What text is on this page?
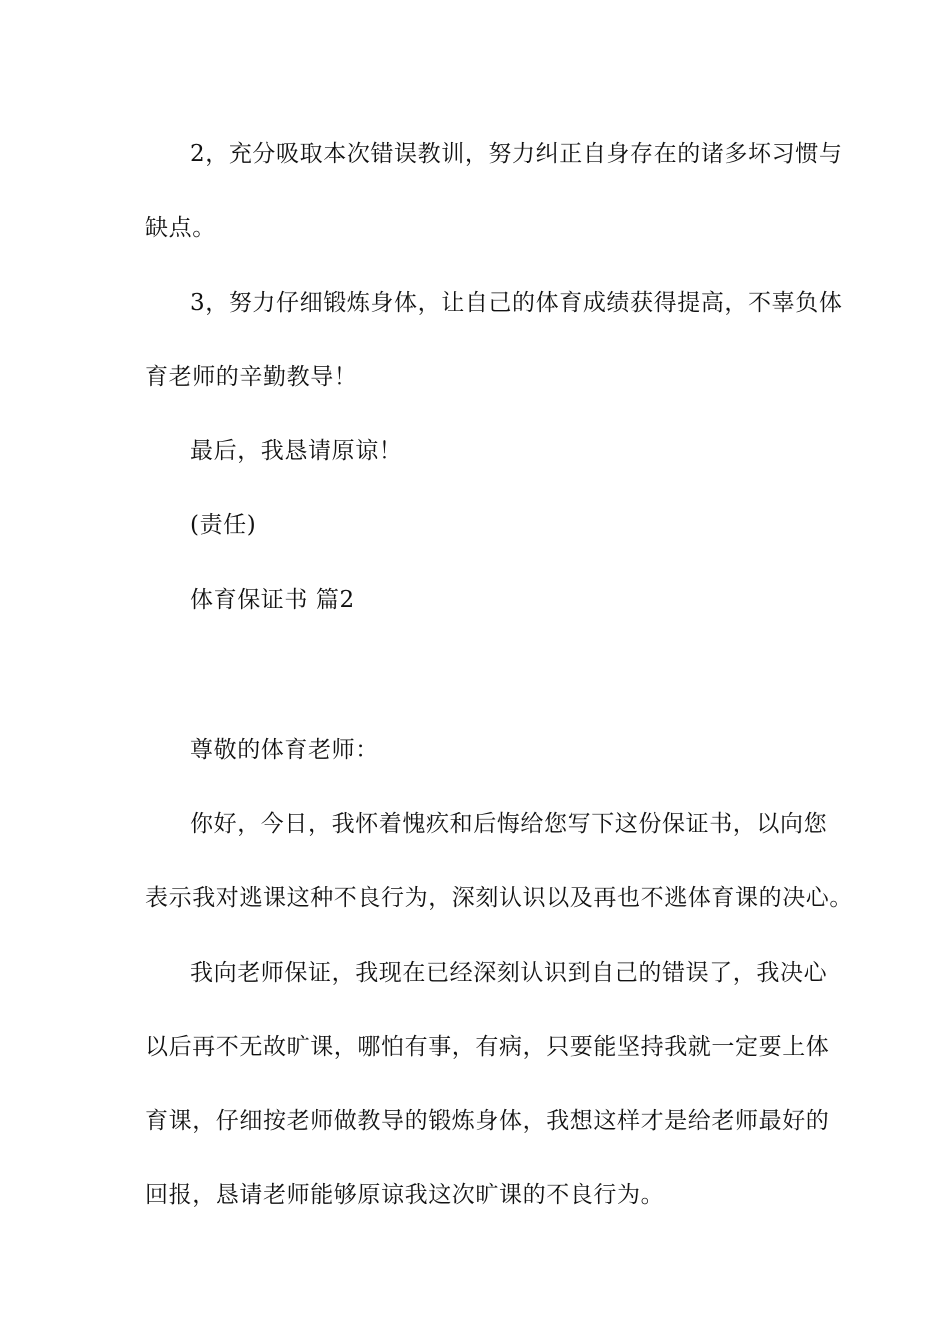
2，充分吸取本次错误教训，努力纠正自身存在的诸多坏习惯与
缺点。
3，努力仔细锻炼身体，让自己的体育成绩获得提高，不辜负体
育老师的辛勤教导！
最后，我恳请原谅！
(责任)
体育保证书 篇2
尊敬的体育老师：
你好，今日，我怀着愧疚和后悔给您写下这份保证书，以向您
表示我对逃课这种不良行为，深刻认识以及再也不逃体育课的决心。
我向老师保证，我现在已经深刻认识到自己的错误了，我决心
以后再不无故旷课，哪怕有事，有病，只要能坚持我就一定要上体
育课，仔细按老师做教导的锻炼身体，我想这样才是给老师最好的
回报，恳请老师能够原谅我这次旷课的不良行为。
